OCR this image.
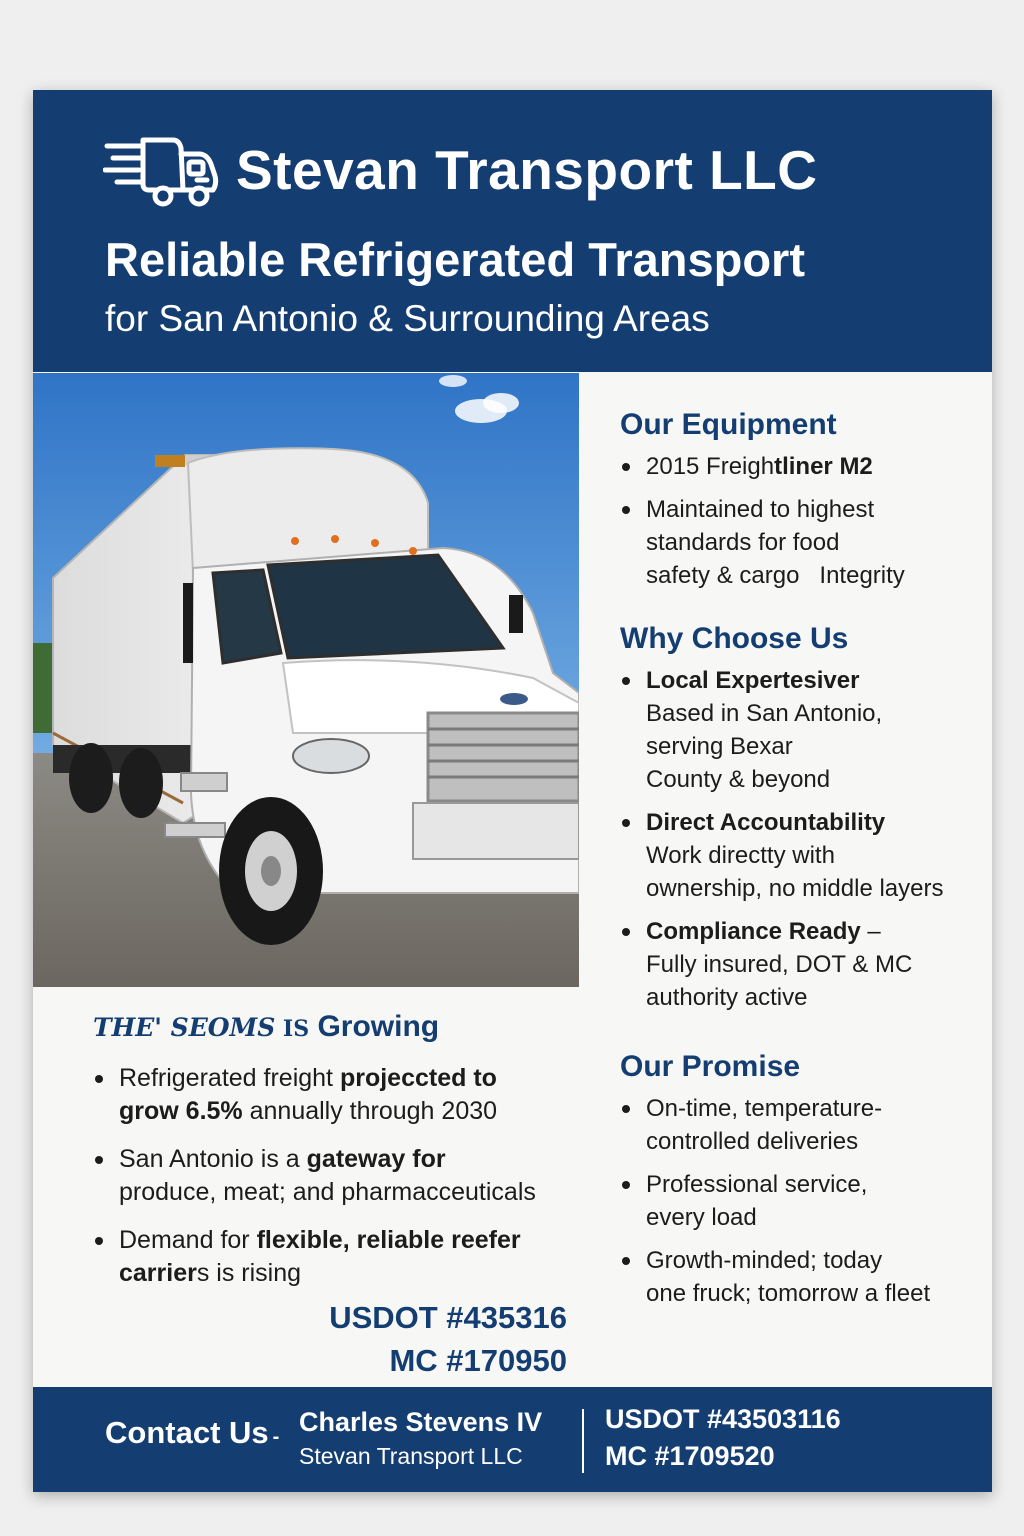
Stevan Transport LLC
Reliable Refrigerated Transport
for San Antonio & Surrounding Areas
Our Equipment
2015 Freightliner M2
Maintained to highest
standards for food
safety & cargo   Integrity
Why Choose Us
Local Expertesiver
Based in San Antonio,
serving Bexar
County & beyond
Direct Accountability
Work directty with
ownership, no middle layers
Compliance Ready –
Fully insured, DOT & MC
authority active
Our Promise
On-time, temperature-
controlled deliveries
Professional service,
every load
Growth-minded; today
one fruck; tomorrow a fleet
THE' SEOMS IS Growing
Refrigerated freight projeccted to
grow 6.5% annually through 2030
San Antonio is a gateway for
produce, meat; and pharmacceuticals
Demand for flexible, reliable reefer
carriers is rising
USDOT #435316
MC #170950
Contact Us - Charles Stevens IV
Stevan Transport LLC
USDOT #43503116
MC #1709520
